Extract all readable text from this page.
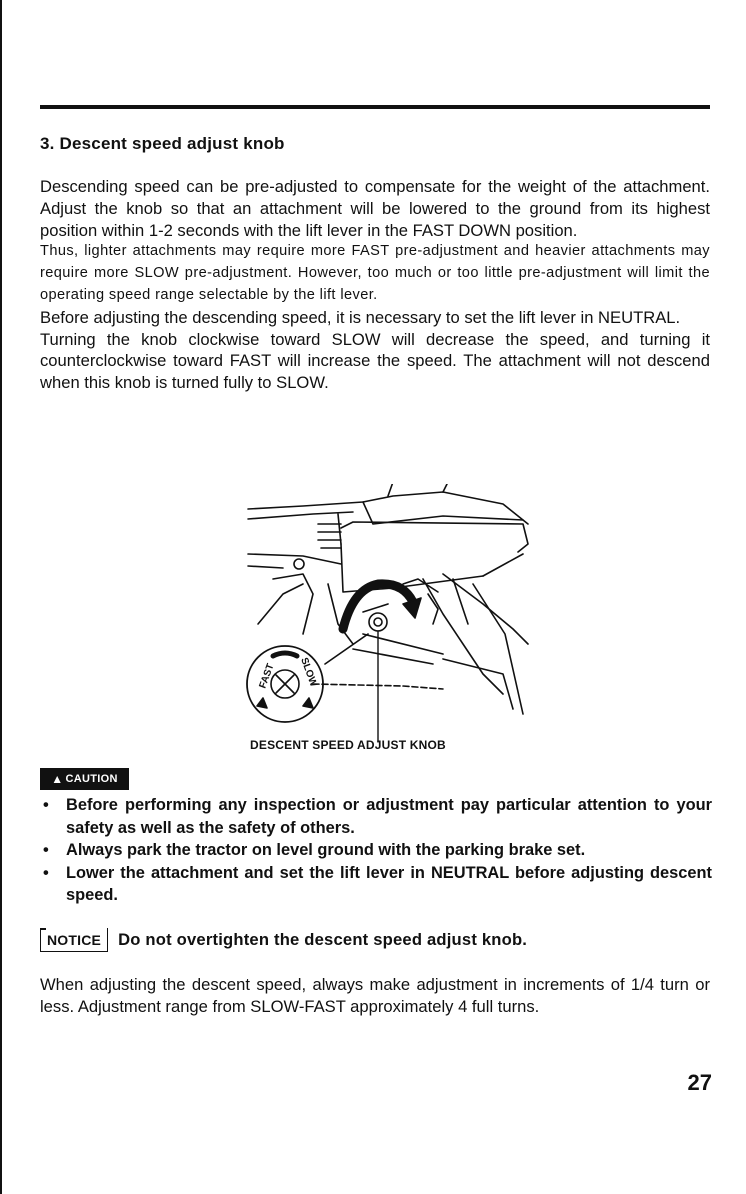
3. Descent speed adjust knob

Descending speed can be pre-adjusted to compensate for the weight of the attachment. Adjust the knob so that an attachment will be lowered to the ground from its highest position within 1-2 seconds with the lift lever in the FAST DOWN position.

Thus, lighter attachments may require more FAST pre-adjustment and heavier attachments may require more SLOW pre-adjustment. However, too much or too little pre-adjustment will limit the operating speed range selectable by the lift lever.

Before adjusting the descending speed, it is necessary to set the lift lever in NEUTRAL.

Turning the knob clockwise toward SLOW will decrease the speed, and turning it counterclockwise toward FAST will increase the speed. The attachment will not descend when this knob is turned fully to SLOW.

FAST SLOW
DESCENT SPEED ADJUST KNOB
▲ CAUTION
• Before performing any inspection or adjustment pay particular attention to your safety as well as the safety of others.
• Always park the tractor on level ground with the parking brake set.
• Lower the attachment and set the lift lever in NEUTRAL before adjusting descent speed.
NOTICE	Do not overtighten the descent speed adjust knob.

When adjusting the descent speed, always make adjustment in increments of 1/4 turn or less. Adjustment range from SLOW-FAST approximately 4 full turns.

27
